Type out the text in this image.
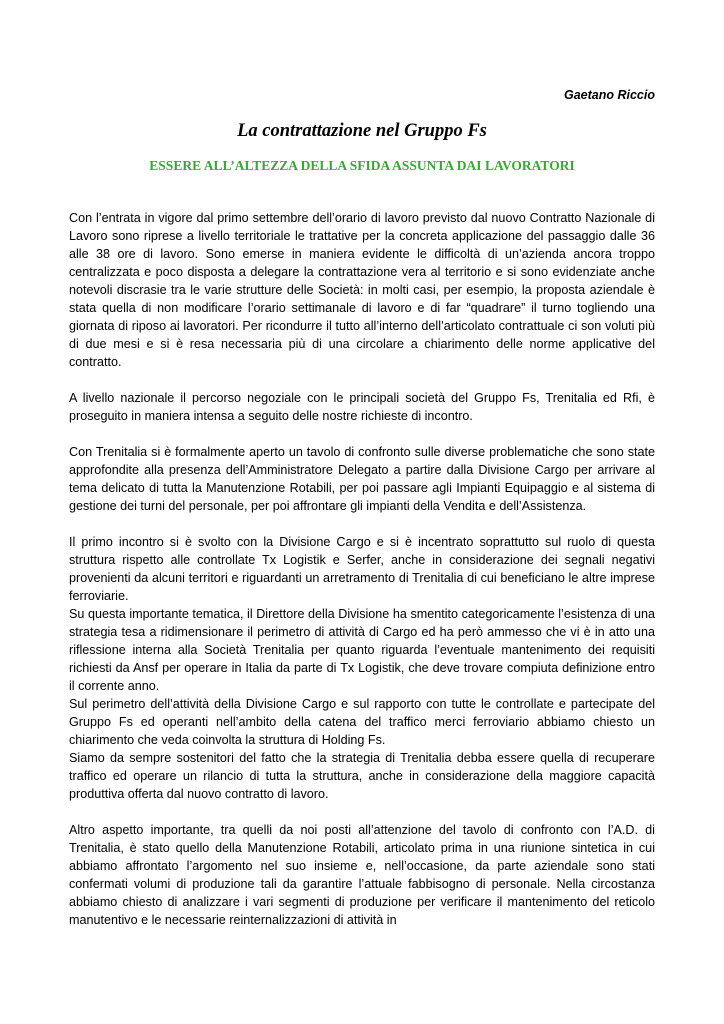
Gaetano Riccio

La contrattazione nel Gruppo Fs
ESSERE ALL’ALTEZZA DELLA SFIDA ASSUNTA DAI LAVORATORI

Con l’entrata in vigore dal primo settembre dell’orario di lavoro previsto dal nuovo Contratto Nazionale di Lavoro sono riprese a livello territoriale le trattative per la concreta applicazione del passaggio dalle 36 alle 38 ore di lavoro. Sono emerse in maniera evidente le difficoltà di un’azienda ancora troppo centralizzata e poco disposta a delegare la contrattazione vera al territorio e si sono evidenziate anche notevoli discrasie tra le varie strutture delle Società: in molti casi, per esempio, la proposta aziendale è stata quella di non modificare l’orario settimanale di lavoro e di far “quadrare” il turno togliendo una giornata di riposo ai lavoratori. Per ricondurre il tutto all’interno dell’articolato contrattuale ci son voluti più di due mesi e si è resa necessaria più di una circolare a chiarimento delle norme applicative del contratto.

A livello nazionale il percorso negoziale con le principali società del Gruppo Fs, Trenitalia ed Rfi, è proseguito in maniera intensa a seguito delle nostre richieste di incontro.

Con Trenitalia si è formalmente aperto un tavolo di confronto sulle diverse problematiche che sono state approfondite alla presenza dell’Amministratore Delegato a partire dalla Divisione Cargo per arrivare al tema delicato di tutta la Manutenzione Rotabili, per poi passare agli Impianti Equipaggio e al sistema di gestione dei turni del personale, per poi affrontare gli impianti della Vendita e dell’Assistenza.

Il primo incontro si è svolto con la Divisione Cargo e si è incentrato soprattutto sul ruolo di questa struttura rispetto alle controllate Tx Logistik e Serfer, anche in considerazione dei segnali negativi provenienti da alcuni territori e riguardanti un arretramento di Trenitalia di cui beneficiano le altre imprese ferroviarie.

Su questa importante tematica, il Direttore della Divisione ha smentito categoricamente l’esistenza di una strategia tesa a ridimensionare il perimetro di attività di Cargo ed ha però ammesso che vi è in atto una riflessione interna alla Società Trenitalia per quanto riguarda l’eventuale mantenimento dei requisiti richiesti da Ansf per operare in Italia da parte di Tx Logistik, che deve trovare compiuta definizione entro il corrente anno.

Sul perimetro dell’attività della Divisione Cargo e sul rapporto con tutte le controllate e partecipate del Gruppo Fs ed operanti nell’ambito della catena del traffico merci ferroviario abbiamo chiesto un chiarimento che veda coinvolta la struttura di Holding Fs.

Siamo da sempre sostenitori del fatto che la strategia di Trenitalia debba essere quella di recuperare traffico ed operare un rilancio di tutta la struttura, anche in considerazione della maggiore capacità produttiva offerta dal nuovo contratto di lavoro.

Altro aspetto importante, tra quelli da noi posti all’attenzione del tavolo di confronto con l’A.D. di Trenitalia, è stato quello della Manutenzione Rotabili, articolato prima in una riunione sintetica in cui abbiamo affrontato l’argomento nel suo insieme e, nell’occasione, da parte aziendale sono stati confermati volumi di produzione tali da garantire l’attuale fabbisogno di personale. Nella circostanza abbiamo chiesto di analizzare i vari segmenti di produzione per verificare il mantenimento del reticolo manutentivo e le necessarie reinternalizzazioni di attività in
